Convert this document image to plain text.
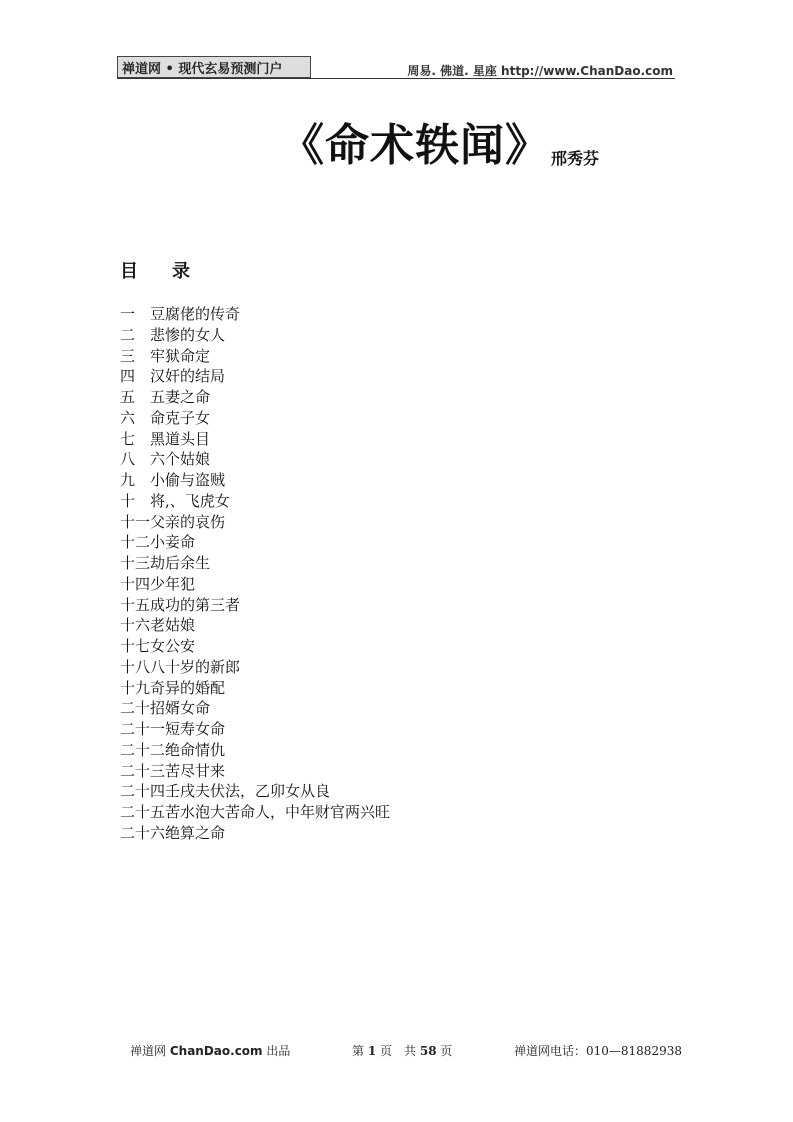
禅道网 • 现代玄易预测门户	周易. 佛道. 星座 http://www.ChanDao.com
《命术轶闻》 邢秀芬
目录
一　豆腐佬的传奇
二　悲惨的女人
三　牢狱命定
四　汉奸的结局
五　五妻之命
六　命克子女
七　黑道头目
八　六个姑娘
九　小偷与盗贼
十　将,、飞虎女
十一父亲的哀伤
十二小妾命
十三劫后余生
十四少年犯
十五成功的第三者
十六老姑娘
十七女公安
十八八十岁的新郎
十九奇异的婚配
二十招婿女命
二十一短寿女命
二十二绝命情仇
二十三苦尽甘来
二十四壬戌夫伏法，乙卯女从良
二十五苦水泡大苦命人，中年财官两兴旺
二十六绝算之命
禅道网 ChanDao.com 出品	第 1 页　共 58 页	禅道网电话：010—81882938
